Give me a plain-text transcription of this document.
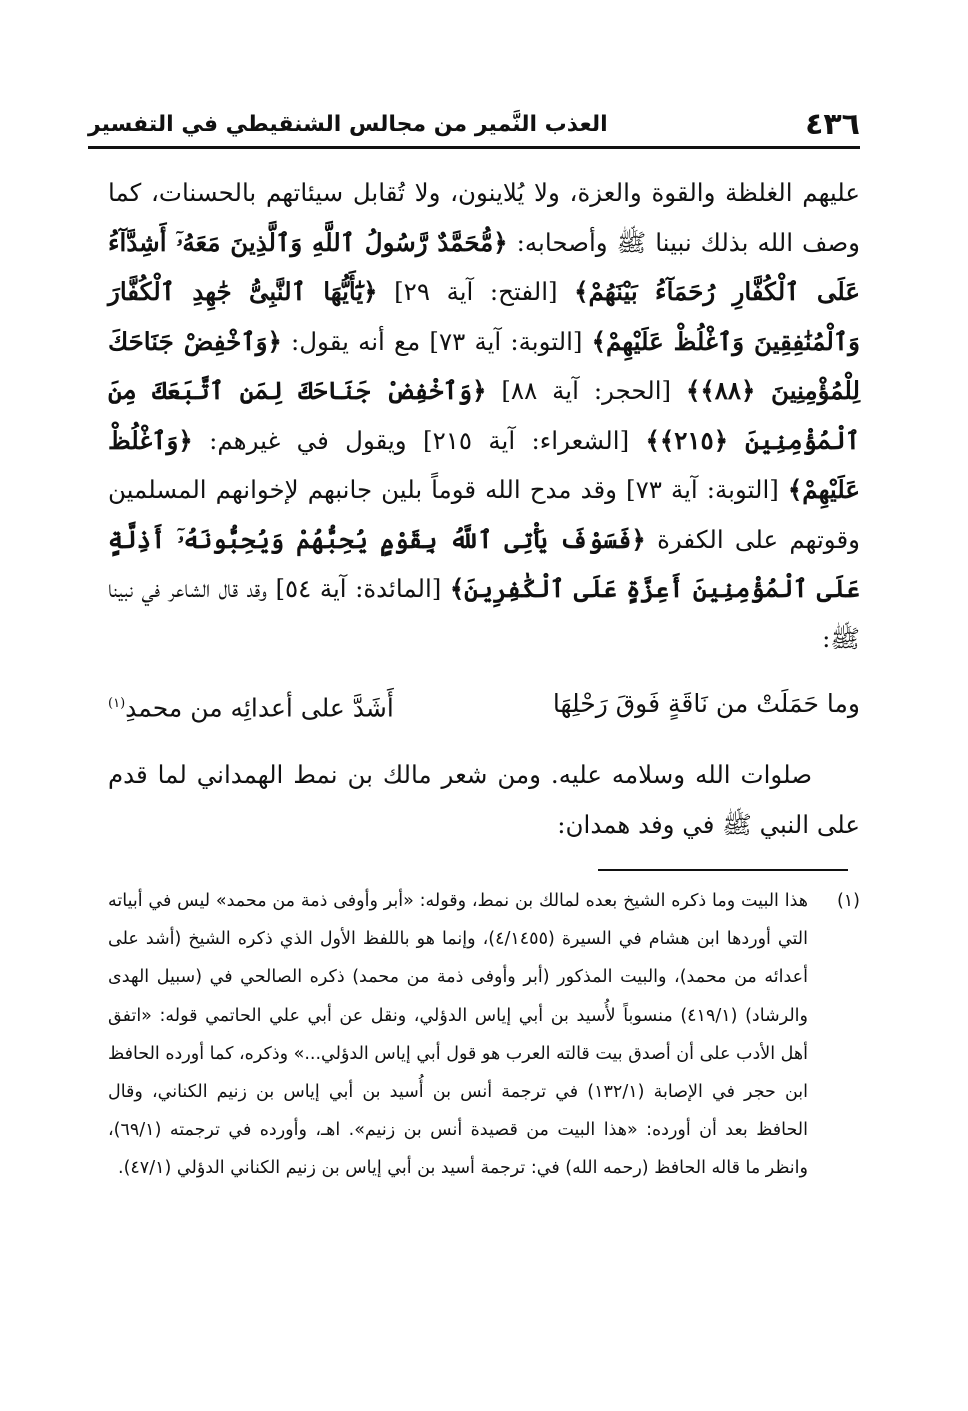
٤٣٦
العذب النَّمير من مجالس الشنقيطي في التفسير

عليهم الغلظة والقوة والعزة، ولا يُلاينون، ولا تُقابل سيئاتهم بالحسنات، كما وصف الله بذلك نبينا ﷺ وأصحابه: ﴿مُّحَمَّدٌ رَّسُولُ ٱللَّهِ وَٱلَّذِينَ مَعَهُۥٓ أَشِدَّآءُ عَلَى ٱلْكُفَّارِ رُحَمَآءُ بَيْنَهُمْ﴾ [الفتح: آية ٢٩] ﴿يَٰٓأَيُّهَا ٱلنَّبِىُّ جَٰهِدِ ٱلْكُفَّارَ وَٱلْمُنَٰفِقِينَ وَٱغْلُظْ عَلَيْهِمْ﴾ [التوبة: آية ٧٣] مع أنه يقول: ﴿وَٱخْفِضْ جَنَاحَكَ لِلْمُؤْمِنِينَ ﴿٨٨﴾﴾ [الحجر: آية ٨٨] ﴿وَٱخْفِضْ جَنَاحَكَ لِمَنِ ٱتَّبَعَكَ مِنَ ٱلْمُؤْمِنِينَ ﴿٢١٥﴾﴾ [الشعراء: آية ٢١٥] ويقول في غيرهم: ﴿وَٱغْلُظْ عَلَيْهِمْ﴾ [التوبة: آية ٧٣] وقد مدح الله قوماً بلين جانبهم لإخوانهم المسلمين وقوتهم على الكفرة ﴿فَسَوْفَ يَأْتِى ٱللَّهُ بِقَوْمٍ يُحِبُّهُمْ وَيُحِبُّونَهُۥٓ أَذِلَّةٍ عَلَى ٱلْمُؤْمِنِينَ أَعِزَّةٍ عَلَى ٱلْكَٰفِرِينَ﴾ [المائدة: آية ٥٤] وقد قال الشاعر في نبينا ﷺ:

وما حَمَلَتْ من نَاقَةٍ فَوقَ رَحْلِهَا
أَشَدَّ على أعدائِه من محمدِ$^{(١)}$

صلوات الله وسلامه عليه. ومن شعر مالك بن نمط الهمداني لما قدم على النبي ﷺ في وفد همدان:

(١)

هذا البيت وما ذكره الشيخ بعده لمالك بن نمط، وقوله: «أبر وأوفى ذمة من محمد» ليس في أبياته التي أوردها ابن هشام في السيرة (٤/١٤٥٥)، وإنما هو باللفظ الأول الذي ذكره الشيخ (أشد على أعدائه من محمد)، والبيت المذكور (أبر وأوفى ذمة من محمد) ذكره الصالحي في (سبيل الهدى والرشاد) (٤١٩/١) منسوباً لأُسيد بن أبي إياس الدؤلي، ونقل عن أبي علي الحاتمي قوله: «اتفق أهل الأدب على أن أصدق بيت قالته العرب هو قول أبي إياس الدؤلي...» وذكره، كما أورده الحافظ ابن حجر في الإصابة (١٣٢/١) في ترجمة أنس بن أُسيد بن أبي إياس بن زنيم الكناني، وقال الحافظ بعد أن أورده: «هذا البيت من قصيدة أنس بن زنيم». اهـ، وأورده في ترجمته (٦٩/١)، وانظر ما قاله الحافظ (رحمه الله) في: ترجمة أسيد بن أبي إياس بن زنيم الكناني الدؤلي (٤٧/١).
